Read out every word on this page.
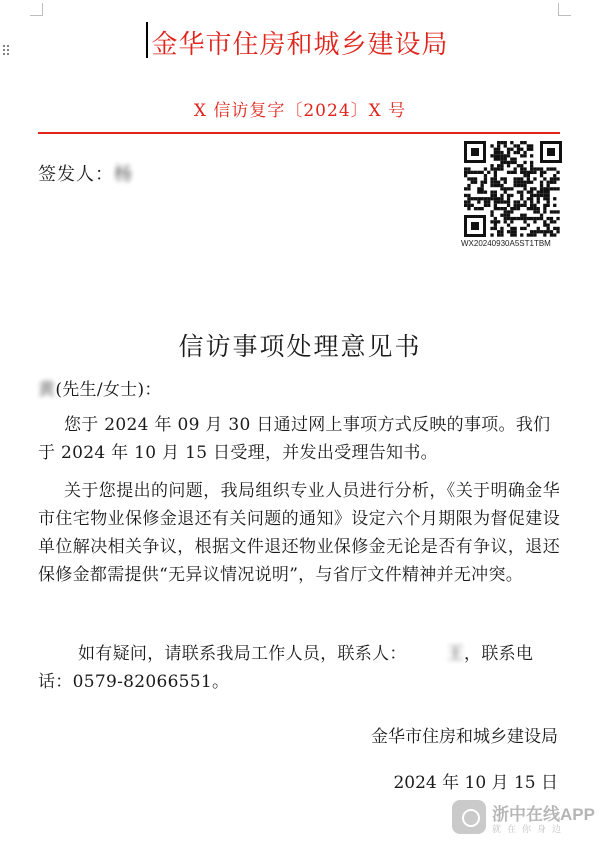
金华市住房和城乡建设局
X 信访复字〔2024〕X 号
签发人：杨
WX20240930A5ST1TBM
信访事项处理意见书
黄(先生/女士)：
您于 2024 年 09 月 30 日通过网上事项方式反映的事项。我们于 2024 年 10 月 15 日受理，并发出受理告知书。
关于您提出的问题，我局组织专业人员进行分析，《关于明确金华市住宅物业保修金退还有关问题的通知》设定六个月期限为督促建设单位解决相关争议，根据文件退还物业保修金无论是否有争议，退还保修金都需提供“无异议情况说明”，与省厅文件精神并无冲突。
如有疑问，请联系我局工作人员，联系人： 王，联系电话：0579-82066551。
金华市住房和城乡建设局
2024 年 10 月 15 日
浙中在线APP
就在你身边
